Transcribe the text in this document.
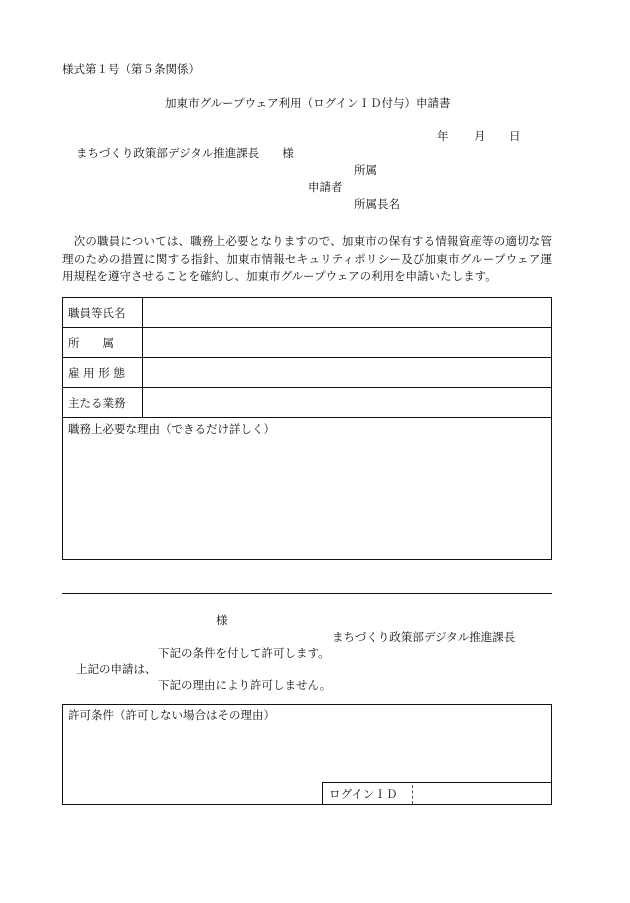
様式第１号（第５条関係）
加東市グループウェア利用（ログインＩＤ付与）申請書
年 月 日
まちづくり政策部デジタル推進課長　　様
所属
申請者
所属長名
　次の職員については、職務上必要となりますので、加東市の保有する情報資産等の適切な管理のための措置に関する指針、加東市情報セキュリティポリシー及び加東市グループウェア運用規程を遵守させることを確約し、加東市グループウェアの利用を申請いたします。
職員等氏名	
所　　属	
雇 用 形 態	
主たる業務	
職務上必要な理由（できるだけ詳しく）	
様
まちづくり政策部デジタル推進課長
下記の条件を付して許可します。
上記の申請は、
下記の理由により許可しません。
許可条件（許可しない場合はその理由）
ログインＩＤ
